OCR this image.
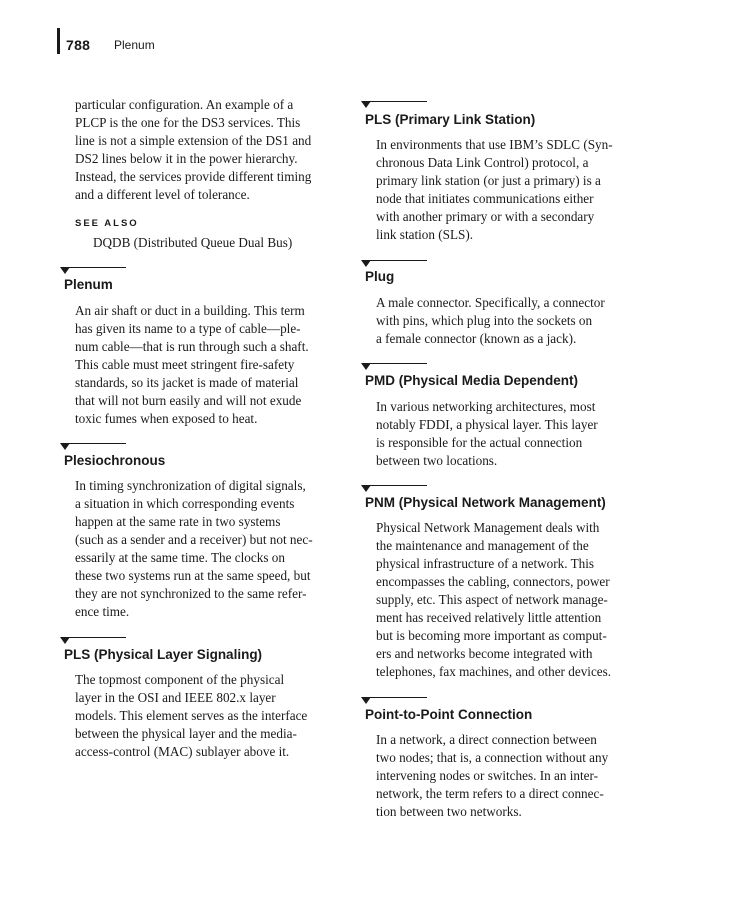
788 Plenum
particular configuration. An example of a
PLCP is the one for the DS3 services. This
line is not a simple extension of the DS1 and
DS2 lines below it in the power hierarchy.
Instead, the services provide different timing
and a different level of tolerance.
SEE ALSO
DQDB (Distributed Queue Dual Bus)
Plenum
An air shaft or duct in a building. This term
has given its name to a type of cable—ple-
num cable—that is run through such a shaft.
This cable must meet stringent fire-safety
standards, so its jacket is made of material
that will not burn easily and will not exude
toxic fumes when exposed to heat.
Plesiochronous
In timing synchronization of digital signals,
a situation in which corresponding events
happen at the same rate in two systems
(such as a sender and a receiver) but not nec-
essarily at the same time. The clocks on
these two systems run at the same speed, but
they are not synchronized to the same refer-
ence time.
PLS (Physical Layer Signaling)
The topmost component of the physical
layer in the OSI and IEEE 802.x layer
models. This element serves as the interface
between the physical layer and the media-
access-control (MAC) sublayer above it.
PLS (Primary Link Station)
In environments that use IBM’s SDLC (Syn-
chronous Data Link Control) protocol, a
primary link station (or just a primary) is a
node that initiates communications either
with another primary or with a secondary
link station (SLS).
Plug
A male connector. Specifically, a connector
with pins, which plug into the sockets on
a female connector (known as a jack).
PMD (Physical Media Dependent)
In various networking architectures, most
notably FDDI, a physical layer. This layer
is responsible for the actual connection
between two locations.
PNM (Physical Network Management)
Physical Network Management deals with
the maintenance and management of the
physical infrastructure of a network. This
encompasses the cabling, connectors, power
supply, etc. This aspect of network manage-
ment has received relatively little attention
but is becoming more important as comput-
ers and networks become integrated with
telephones, fax machines, and other devices.
Point-to-Point Connection
In a network, a direct connection between
two nodes; that is, a connection without any
intervening nodes or switches. In an inter-
network, the term refers to a direct connec-
tion between two networks.
